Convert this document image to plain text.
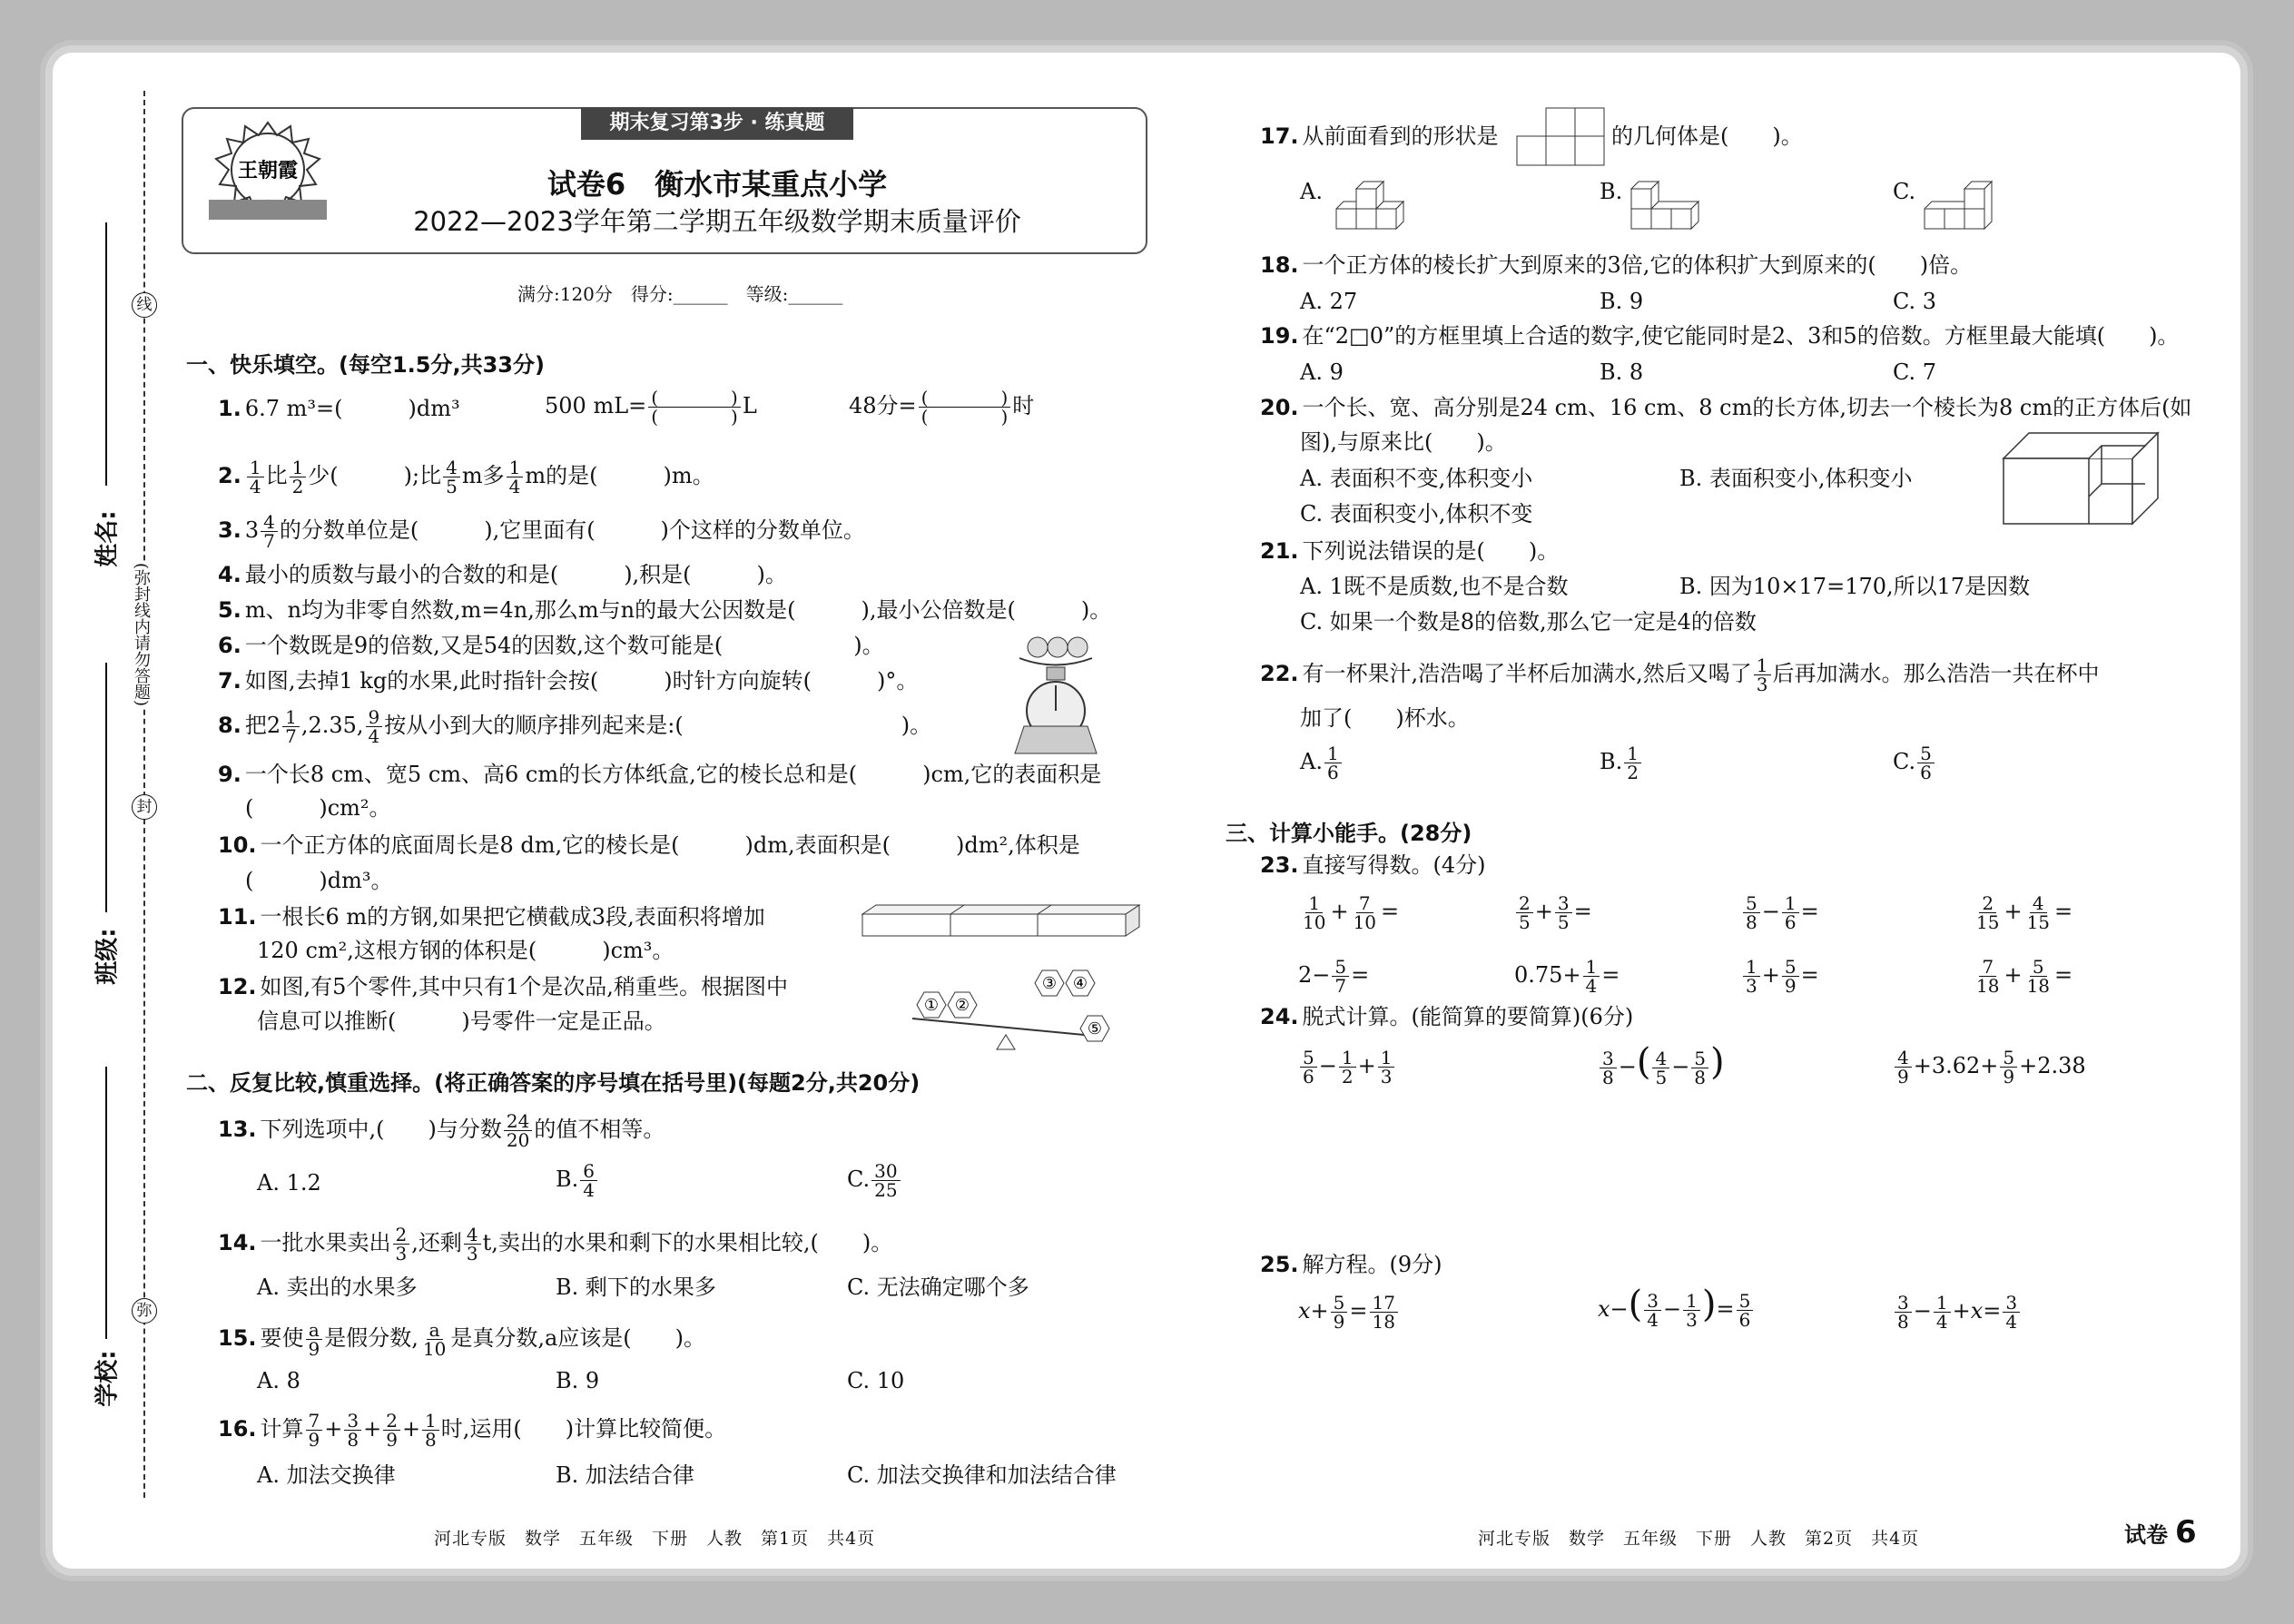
线
封
弥
(弥封线内请勿答题)
姓名:
班级:
学校:
期末复习第3步 · 练真题
王朝霞	试卷6　衡水市某重点小学
2022—2023学年第二学期五年级数学期末质量评价
满分:120分　得分:______　等级:______
一、快乐填空。(每空1.5分,共33分)
1. 6.7 m³=(　　　)dm³	500 $mL= \frac{( )}{( )}$ L	48分= $\frac{( )}{( )}$ 时
2. $\frac{1}{4}$ 比 $\frac{1}{2}$ 少(　　　);比 $\frac{4}{5}$ m多 $\frac{1}{4}$ m的是(　　　)m。
3. $3 \frac{4}{7}$ 的分数单位是(　　　),它里面有(　　　)个这样的分数单位。
4. 最小的质数与最小的合数的和是(　　　),积是(　　　)。
5. m、n均为非零自然数,m=4n,那么m与n的最大公因数是(　　　),最小公倍数是(　　　)。
6. 一个数既是9的倍数,又是54的因数,这个数可能是(　　　　　　)。
7. 如图,去掉1 kg的水果,此时指针会按(　　　)时针方向旋转(　　　)°。
8. 把$2 \frac{1}{7} ,2.35$, $\frac{9}{4}$ 按从小到大的顺序排列起来是:(　　　　　　　　　　)。
9. 一个长8 cm、宽5 cm、高6 cm的长方体纸盒,它的棱长总和是(　　　)cm,它的表面积是
(　　　)cm²。
10. 一个正方体的底面周长是8 dm,它的棱长是(　　　)dm,表面积是(　　　)dm²,体积是
(　　　)dm³。
11. 一根长6 m的方钢,如果把它横截成3段,表面积将增加
120 cm²,这根方钢的体积是(　　　)cm³。
12. 如图,有5个零件,其中只有1个是次品,稍重些。根据图中
信息可以推断(　　　)号零件一定是正品。
① ②
③ ④
⑤
二、反复比较,慎重选择。(将正确答案的序号填在括号里)(每题2分,共20分)
13. 下列选项中,(　　)与分数 $\frac{24}{20}$ 的值不相等。
A. 1.2	B. $\frac{6}{4}$	C. $\frac{30}{25}$
14. 一批水果卖出 $\frac{2}{3}$ ,还剩 $\frac{4}{3} t$,卖出的水果和剩下的水果相比较,(　　)。
A. 卖出的水果多	B. 剩下的水果多	C. 无法确定哪个多
15. 要使 $\frac{a}{9}$ 是假分数, $\frac{a}{10}$ 是真分数,a应该是(　　)。
A. 8	B. 9	C. 10
16. 计算 $\frac{7}{9} + \frac{3}{8} + \frac{2}{9} + \frac{1}{8}$ 时,运用(　　)计算比较简便。
A. 加法交换律	B. 加法结合律	C. 加法交换律和加法结合律
17. 从前面看到的形状是	的几何体是(　　)。
A.	B.	C.
18. 一个正方体的棱长扩大到原来的3倍,它的体积扩大到原来的(　　)倍。
A. 27	B. 9	C. 3
19. 在“2□0”的方框里填上合适的数字,使它能同时是2、3和5的倍数。方框里最大能填(　　)。
A. 9	B. 8	C. 7
20. 一个长、宽、高分别是24 cm、16 cm、8 cm的长方体,切去一个棱长为8 cm的正方体后(如
图),与原来比(　　)。
A. 表面积不变,体积变小	B. 表面积变小,体积变小
C. 表面积变小,体积不变
21. 下列说法错误的是(　　)。
A. 1既不是质数,也不是合数	B. 因为10×17=170,所以17是因数
C. 如果一个数是8的倍数,那么它一定是4的倍数
22. 有一杯果汁,浩浩喝了半杯后加满水,然后又喝了 $\frac{1}{3}$ 后再加满水。那么浩浩一共在杯中
加了(　　)杯水。
A. $\frac{1}{6}$	B. $\frac{1}{2}$	C. $\frac{5}{6}$
三、计算小能手。(28分)
23. 直接写得数。(4分)
$\frac{1}{10} + \frac{7}{10}$ =	$\frac{2}{5} + \frac{3}{5}$ =	$\frac{5}{8} - \frac{1}{6}$ =	$\frac{2}{15} + \frac{4}{15}$ =
$2- \frac{5}{7}$ =	$0.75+ \frac{1}{4}$ =	$\frac{1}{3} + \frac{5}{9}$ =	$\frac{7}{18} + \frac{5}{18}$ =
24. 脱式计算。(能简算的要简算)(6分)
$\frac{5}{6} - \frac{1}{2} + \frac{1}{3}$	$\frac{3}{8}$ −( $\frac{4}{5} - \frac{5}{8}$ )	$\frac{4}{9} +3.62+ \frac{5}{9} +2.38$
25. 解方程。(9分)
$x+ \frac{5}{9} = \frac{17}{18}$	$x-( \frac{3}{4} - \frac{1}{3}$ )= $\frac{5}{6}$	$\frac{3}{8} - \frac{1}{4} +x= \frac{3}{4}$
河北专版　数学　五年级　下册　人教　第1页　共4页	河北专版　数学　五年级　下册　人教　第2页　共4页	试卷 6
